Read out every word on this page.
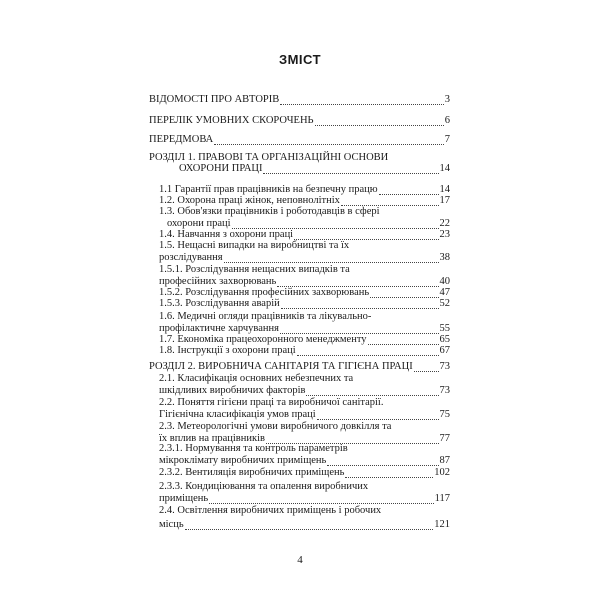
ЗМІСТ
ВІДОМОСТІ ПРО АВТОРІВ	3
ПЕРЕЛІК УМОВНИХ СКОРОЧЕНЬ	6
ПЕРЕДМОВА	7
РОЗДІЛ 1. ПРАВОВІ ТА ОРГАНІЗАЦІЙНІ ОСНОВИ
ОХОРОНИ ПРАЦІ	14
1.1 Гарантії прав працівників на безпечну працю	14
1.2. Охорона праці жінок, неповнолітніх	17
1.3. Обов'язки працівників і роботодавців в сфері
охорони праці	22
1.4. Навчання з охорони праці	23
1.5. Нещасні випадки на виробництві та їх
розслідування	38
1.5.1. Розслідування нещасних випадків та
професійних захворювань	40
1.5.2. Розслідування професійних захворювань	47
1.5.3. Розслідування аварій	52
1.6. Медичні огляди працівників та лікувально-
профілактичне харчування	55
1.7. Економіка працеохоронного менеджменту	65
1.8. Інструкції з охорони праці	67
РОЗДІЛ 2. ВИРОБНИЧА САНІТАРІЯ ТА ГІГІЄНА ПРАЦІ	73
2.1. Класифікація основних небезпечних та
шкідливих виробничих факторів	73
2.2. Поняття гігієни праці та виробничої санітарії.
Гігієнічна класифікація умов праці	75
2.3. Метеорологічні умови виробничого довкілля та
їх вплив на працівників	77
2.3.1. Нормування та контроль параметрів
мікроклімату виробничих приміщень	87
2.3.2. Вентиляція виробничих приміщень	102
2.3.3. Кондиціювання та опалення виробничих
приміщень	117
2.4. Освітлення виробничих приміщень і робочих
місць	121
4
